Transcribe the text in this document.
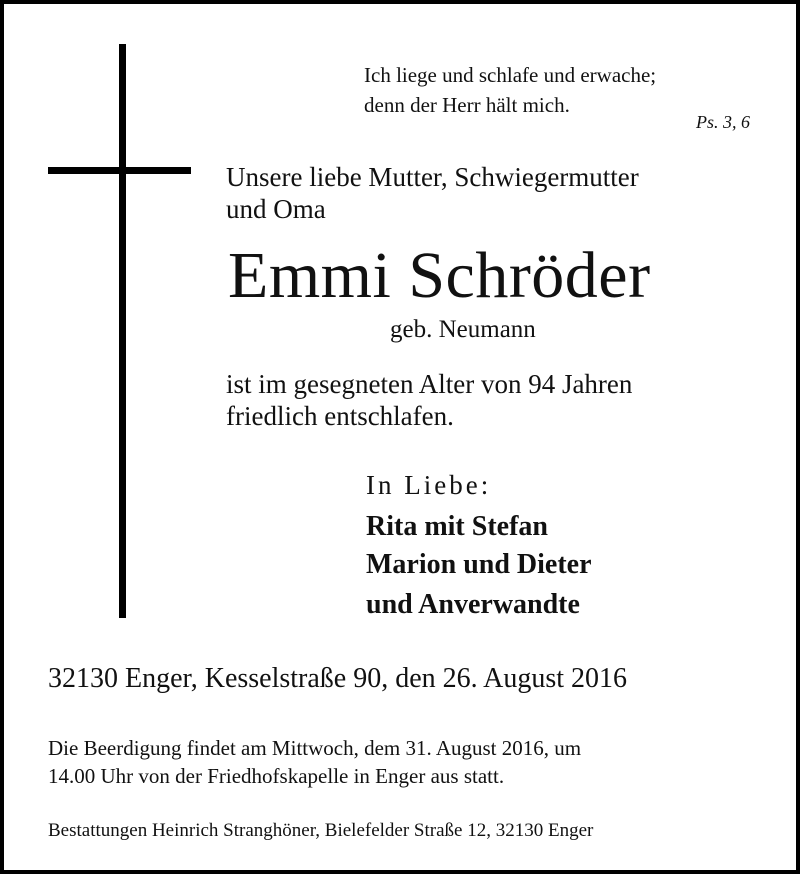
Ich liege und schlafe und erwache;
denn der Herr hält mich.
Ps. 3, 6
Unsere liebe Mutter, Schwiegermutter
und Oma
Emmi Schröder
geb. Neumann
ist im gesegneten Alter von 94 Jahren
friedlich entschlafen.
In Liebe:
Rita mit Stefan
Marion und Dieter
und Anverwandte
32130 Enger, Kesselstraße 90, den 26. August 2016
Die Beerdigung findet am Mittwoch, dem 31. August 2016, um
14.00 Uhr von der Friedhofskapelle in Enger aus statt.
Bestattungen Heinrich Stranghöner, Bielefelder Straße 12, 32130 Enger
